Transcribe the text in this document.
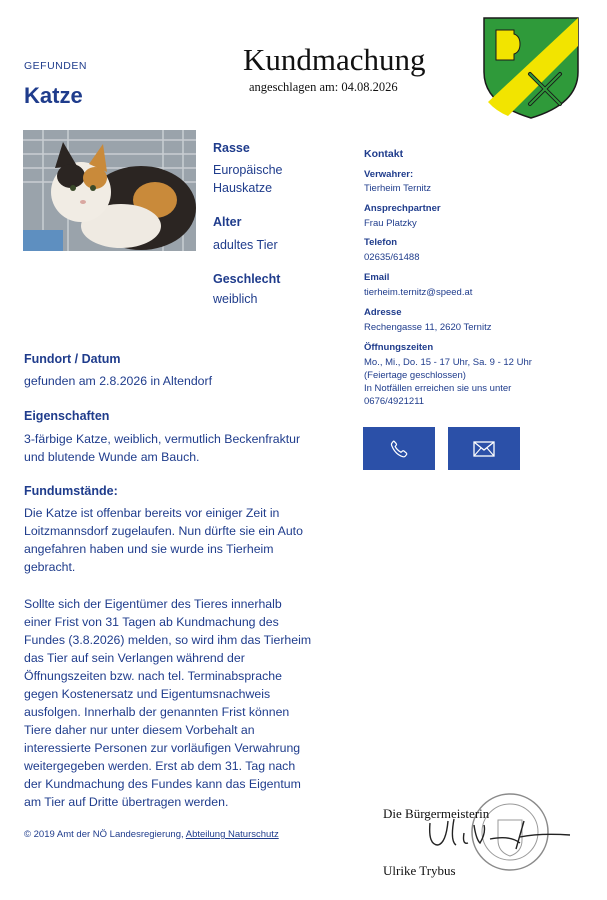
GEFUNDEN
Katze
Kundmachung
angeschlagen am: 04.08.2026
Rasse
Europäische
Hauskatze
Alter
adultes Tier
Geschlecht
weiblich
Kontakt
Verwahrer:
Tierheim Ternitz
Ansprechpartner
Frau Platzky
Telefon
02635/61488
Email
tierheim.ternitz@speed.at
Adresse
Rechengasse 11, 2620 Ternitz
Öffnungszeiten
Mo., Mi., Do. 15 - 17 Uhr, Sa. 9 - 12 Uhr
(Feiertage geschlossen)
In Notfällen erreichen sie uns unter
0676/4921211
Fundort / Datum
gefunden am 2.8.2026 in Altendorf
Eigenschaften
3-färbige Katze, weiblich, vermutlich Beckenfraktur
und blutende Wunde am Bauch.
Fundumstände:
Die Katze ist offenbar bereits vor einiger Zeit in
Loitzmannsdorf zugelaufen. Nun dürfte sie ein Auto
angefahren haben und sie wurde ins Tierheim
gebracht.
Sollte sich der Eigentümer des Tieres innerhalb
einer Frist von 31 Tagen ab Kundmachung des
Fundes (3.8.2026) melden, so wird ihm das Tierheim
das Tier auf sein Verlangen während der
Öffnungszeiten bzw. nach tel. Terminabsprache
gegen Kostenersatz und Eigentumsnachweis
ausfolgen. Innerhalb der genannten Frist können
Tiere daher nur unter diesem Vorbehalt an
interessierte Personen zur vorläufigen Verwahrung
weitergegeben werden. Erst ab dem 31. Tag nach
der Kundmachung des Fundes kann das Eigentum
am Tier auf Dritte übertragen werden.
© 2019 Amt der NÖ Landesregierung, Abteilung Naturschutz
Die Bürgermeisterin
Ulrike Trybus
